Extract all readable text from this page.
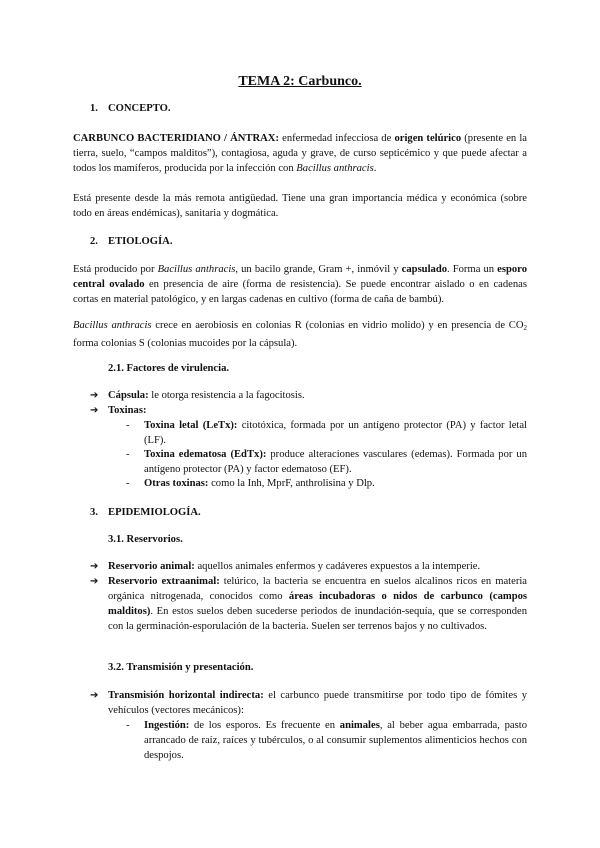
TEMA 2: Carbunco.
1. CONCEPTO.
CARBUNCO BACTERIDIANO / ÁNTRAX: enfermedad infecciosa de origen telúrico (presente en la tierra, suelo, “campos malditos”), contagiosa, aguda y grave, de curso septicémico y que puede afectar a todos los mamíferos, producida por la infección con Bacillus anthracis.
Está presente desde la más remota antigüedad. Tiene una gran importancia médica y económica (sobre todo en áreas endémicas), sanitaria y dogmática.
2. ETIOLOGÍA.
Está producido por Bacillus anthracis, un bacilo grande, Gram +, inmóvil y capsulado. Forma un esporo central ovalado en presencia de aire (forma de resistencia). Se puede encontrar aislado o en cadenas cortas en material patológico, y en largas cadenas en cultivo (forma de caña de bambú).
Bacillus anthracis crece en aerobiosis en colonias R (colonias en vidrio molido) y en presencia de $CO_2$ forma colonias S (colonias mucoides por la cápsula).
2.1. Factores de virulencia.
➔ Cápsula: le otorga resistencia a la fagocitosis.
➔ Toxinas:
- Toxina letal (LeTx): citotóxica, formada por un antígeno protector (PA) y factor letal (LF).
- Toxina edematosa (EdTx): produce alteraciones vasculares (edemas). Formada por un antígeno protector (PA) y factor edematoso (EF).
- Otras toxinas: como la Inh, MprF, anthrolisina y Dlp.
3. EPIDEMIOLOGÍA.
3.1. Reservorios.
➔ Reservorio animal: aquellos animales enfermos y cadáveres expuestos a la intemperie.
➔ Reservorio extraanimal: telúrico, la bacteria se encuentra en suelos alcalinos ricos en materia orgánica nitrogenada, conocidos como áreas incubadoras o nidos de carbunco (campos malditos). En estos suelos deben sucederse periodos de inundación-sequía, que se corresponden con la germinación-esporulación de la bacteria. Suelen ser terrenos bajos y no cultivados.
3.2. Transmisión y presentación.
➔ Transmisión horizontal indirecta: el carbunco puede transmitirse por todo tipo de fómites y vehículos (vectores mecánicos):
- Ingestión: de los esporos. Es frecuente en animales, al beber agua embarrada, pasto arrancado de raíz, raíces y tubérculos, o al consumir suplementos alimenticios hechos con despojos.
